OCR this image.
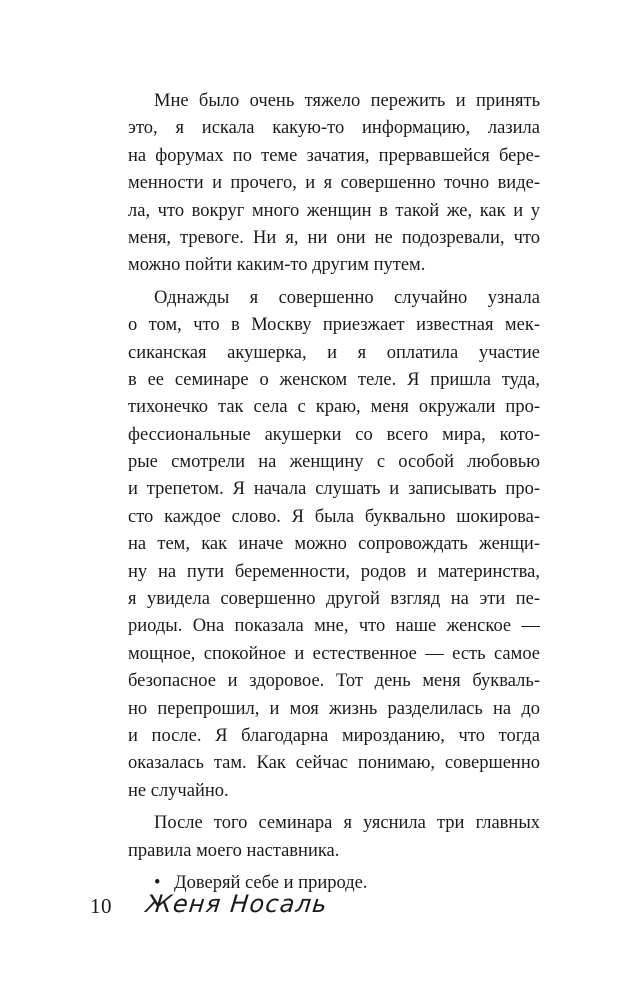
Мне было очень тяжело пережить и принять
это, я искала какую-то информацию, лазила
на форумах по теме зачатия, прервавшейся бере-
менности и прочего, и я совершенно точно виде-
ла, что вокруг много женщин в такой же, как и у
меня, тревоге. Ни я, ни они не подозревали, что
можно пойти каким-то другим путем.
Однажды я совершенно случайно узнала
о том, что в Москву приезжает известная мек-
сиканская акушерка, и я оплатила участие
в ее семинаре о женском теле. Я пришла туда,
тихонечко так села с краю, меня окружали про-
фессиональные акушерки со всего мира, кото-
рые смотрели на женщину с особой любовью
и трепетом. Я начала слушать и записывать про-
сто каждое слово. Я была буквально шокирова-
на тем, как иначе можно сопровождать женщи-
ну на пути беременности, родов и материнства,
я увидела совершенно другой взгляд на эти пе-
риоды. Она показала мне, что наше женское —
мощное, спокойное и естественное — есть самое
безопасное и здоровое. Тот день меня букваль-
но перепрошил, и моя жизнь разделилась на до
и после. Я благодарна мирозданию, что тогда
оказалась там. Как сейчас понимаю, совершенно
не случайно.
После того семинара я уяснила три главных
правила моего наставника.
• Доверяй себе и природе.
10 Женя Носаль
